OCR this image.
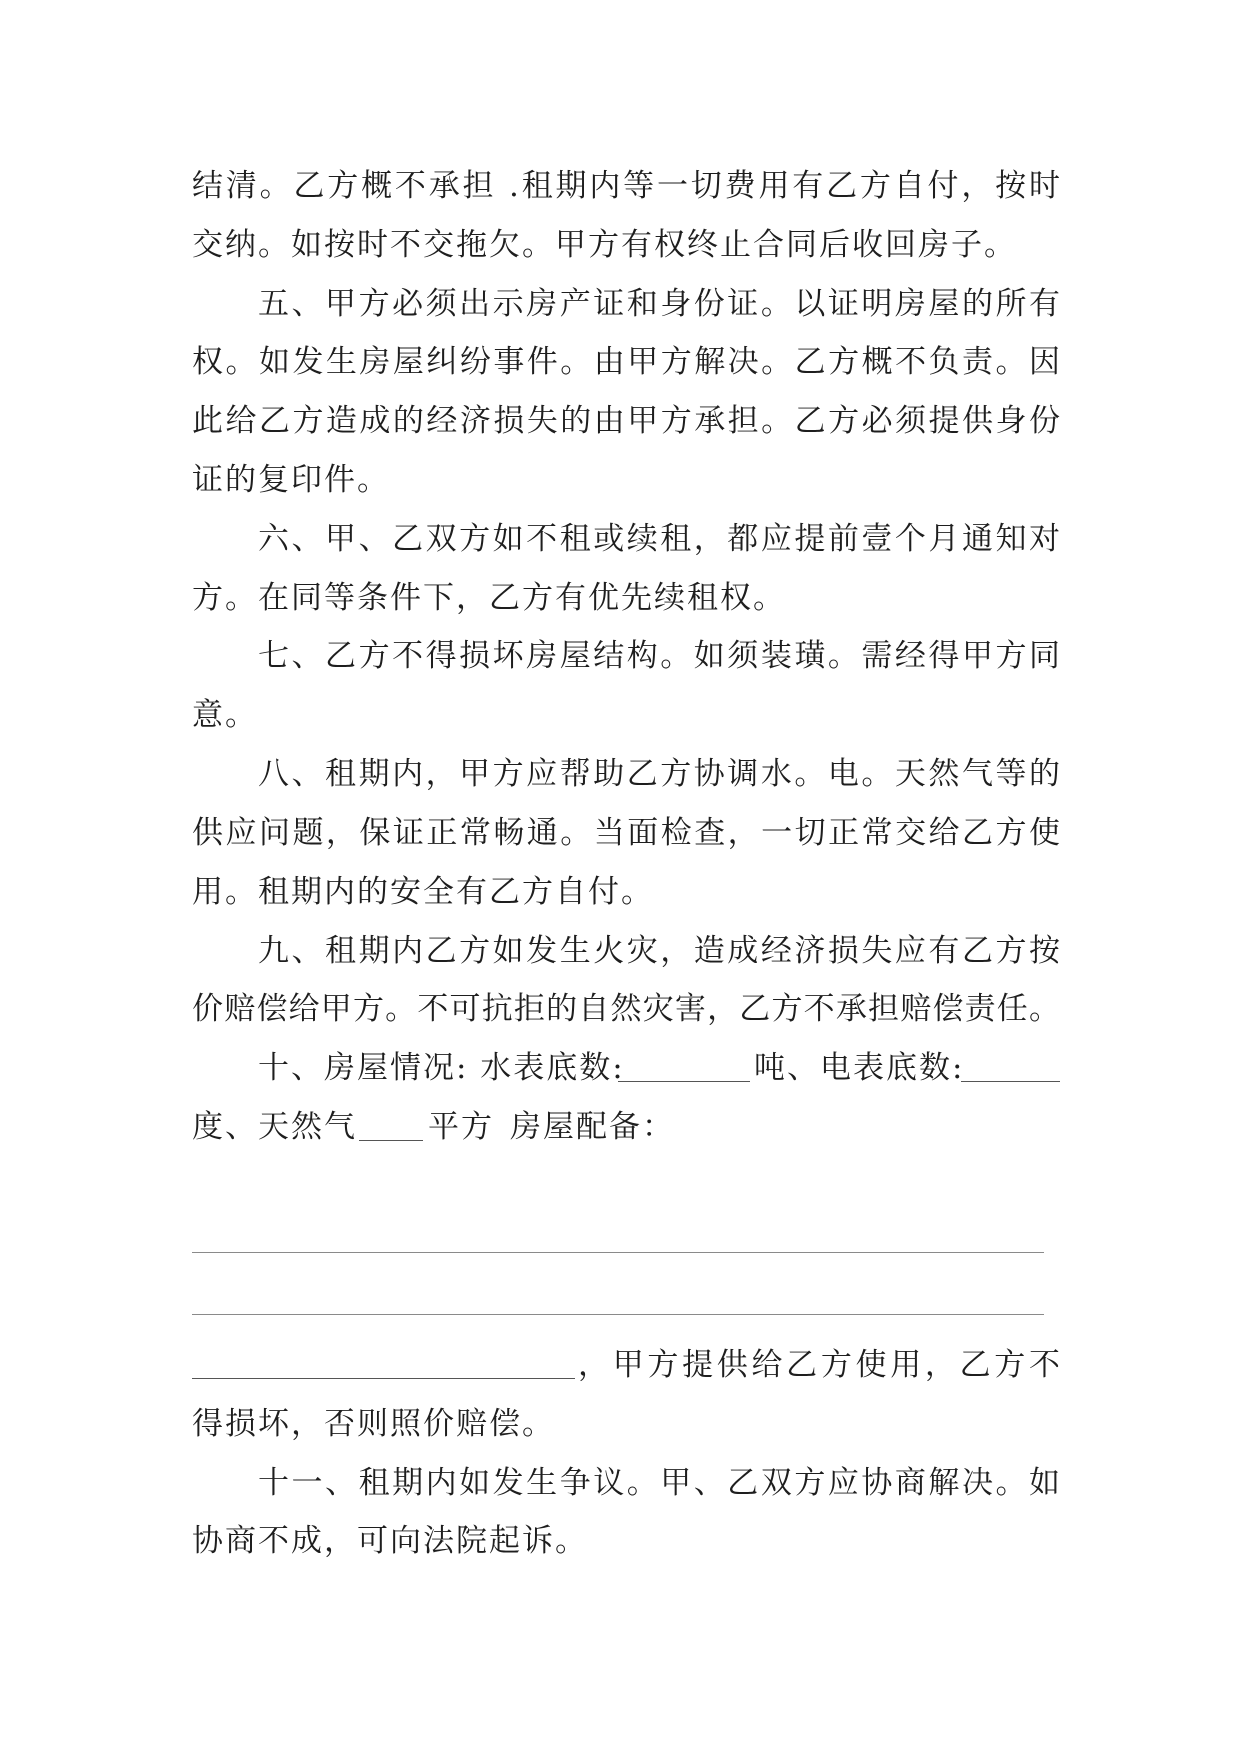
结清。乙方概不承担 .租期内等一切费用有乙方自付，按时
交纳。如按时不交拖欠。甲方有权终止合同后收回房子。
五、甲方必须出示房产证和身份证。以证明房屋的所有
权。如发生房屋纠纷事件。由甲方解决。乙方概不负责。因
此给乙方造成的经济损失的由甲方承担。乙方必须提供身份
证的复印件。
六、甲、乙双方如不租或续租，都应提前壹个月通知对
方。在同等条件下，乙方有优先续租权。
七、乙方不得损坏房屋结构。如须装璜。需经得甲方同
意。
八、租期内，甲方应帮助乙方协调水。电。天然气等的
供应问题，保证正常畅通。当面检查，一切正常交给乙方使
用。租期内的安全有乙方自付。
九、租期内乙方如发生火灾，造成经济损失应有乙方按
价赔偿给甲方。不可抗拒的自然灾害，乙方不承担赔偿责任。
十、房屋情况: 水表底数:	吨、电表底数:
度、天然气 平方 房屋配备：
，甲方提供给乙方使用，乙方不
得损坏，否则照价赔偿。
十一、租期内如发生争议。甲、乙双方应协商解决。如
协商不成，可向法院起诉。
